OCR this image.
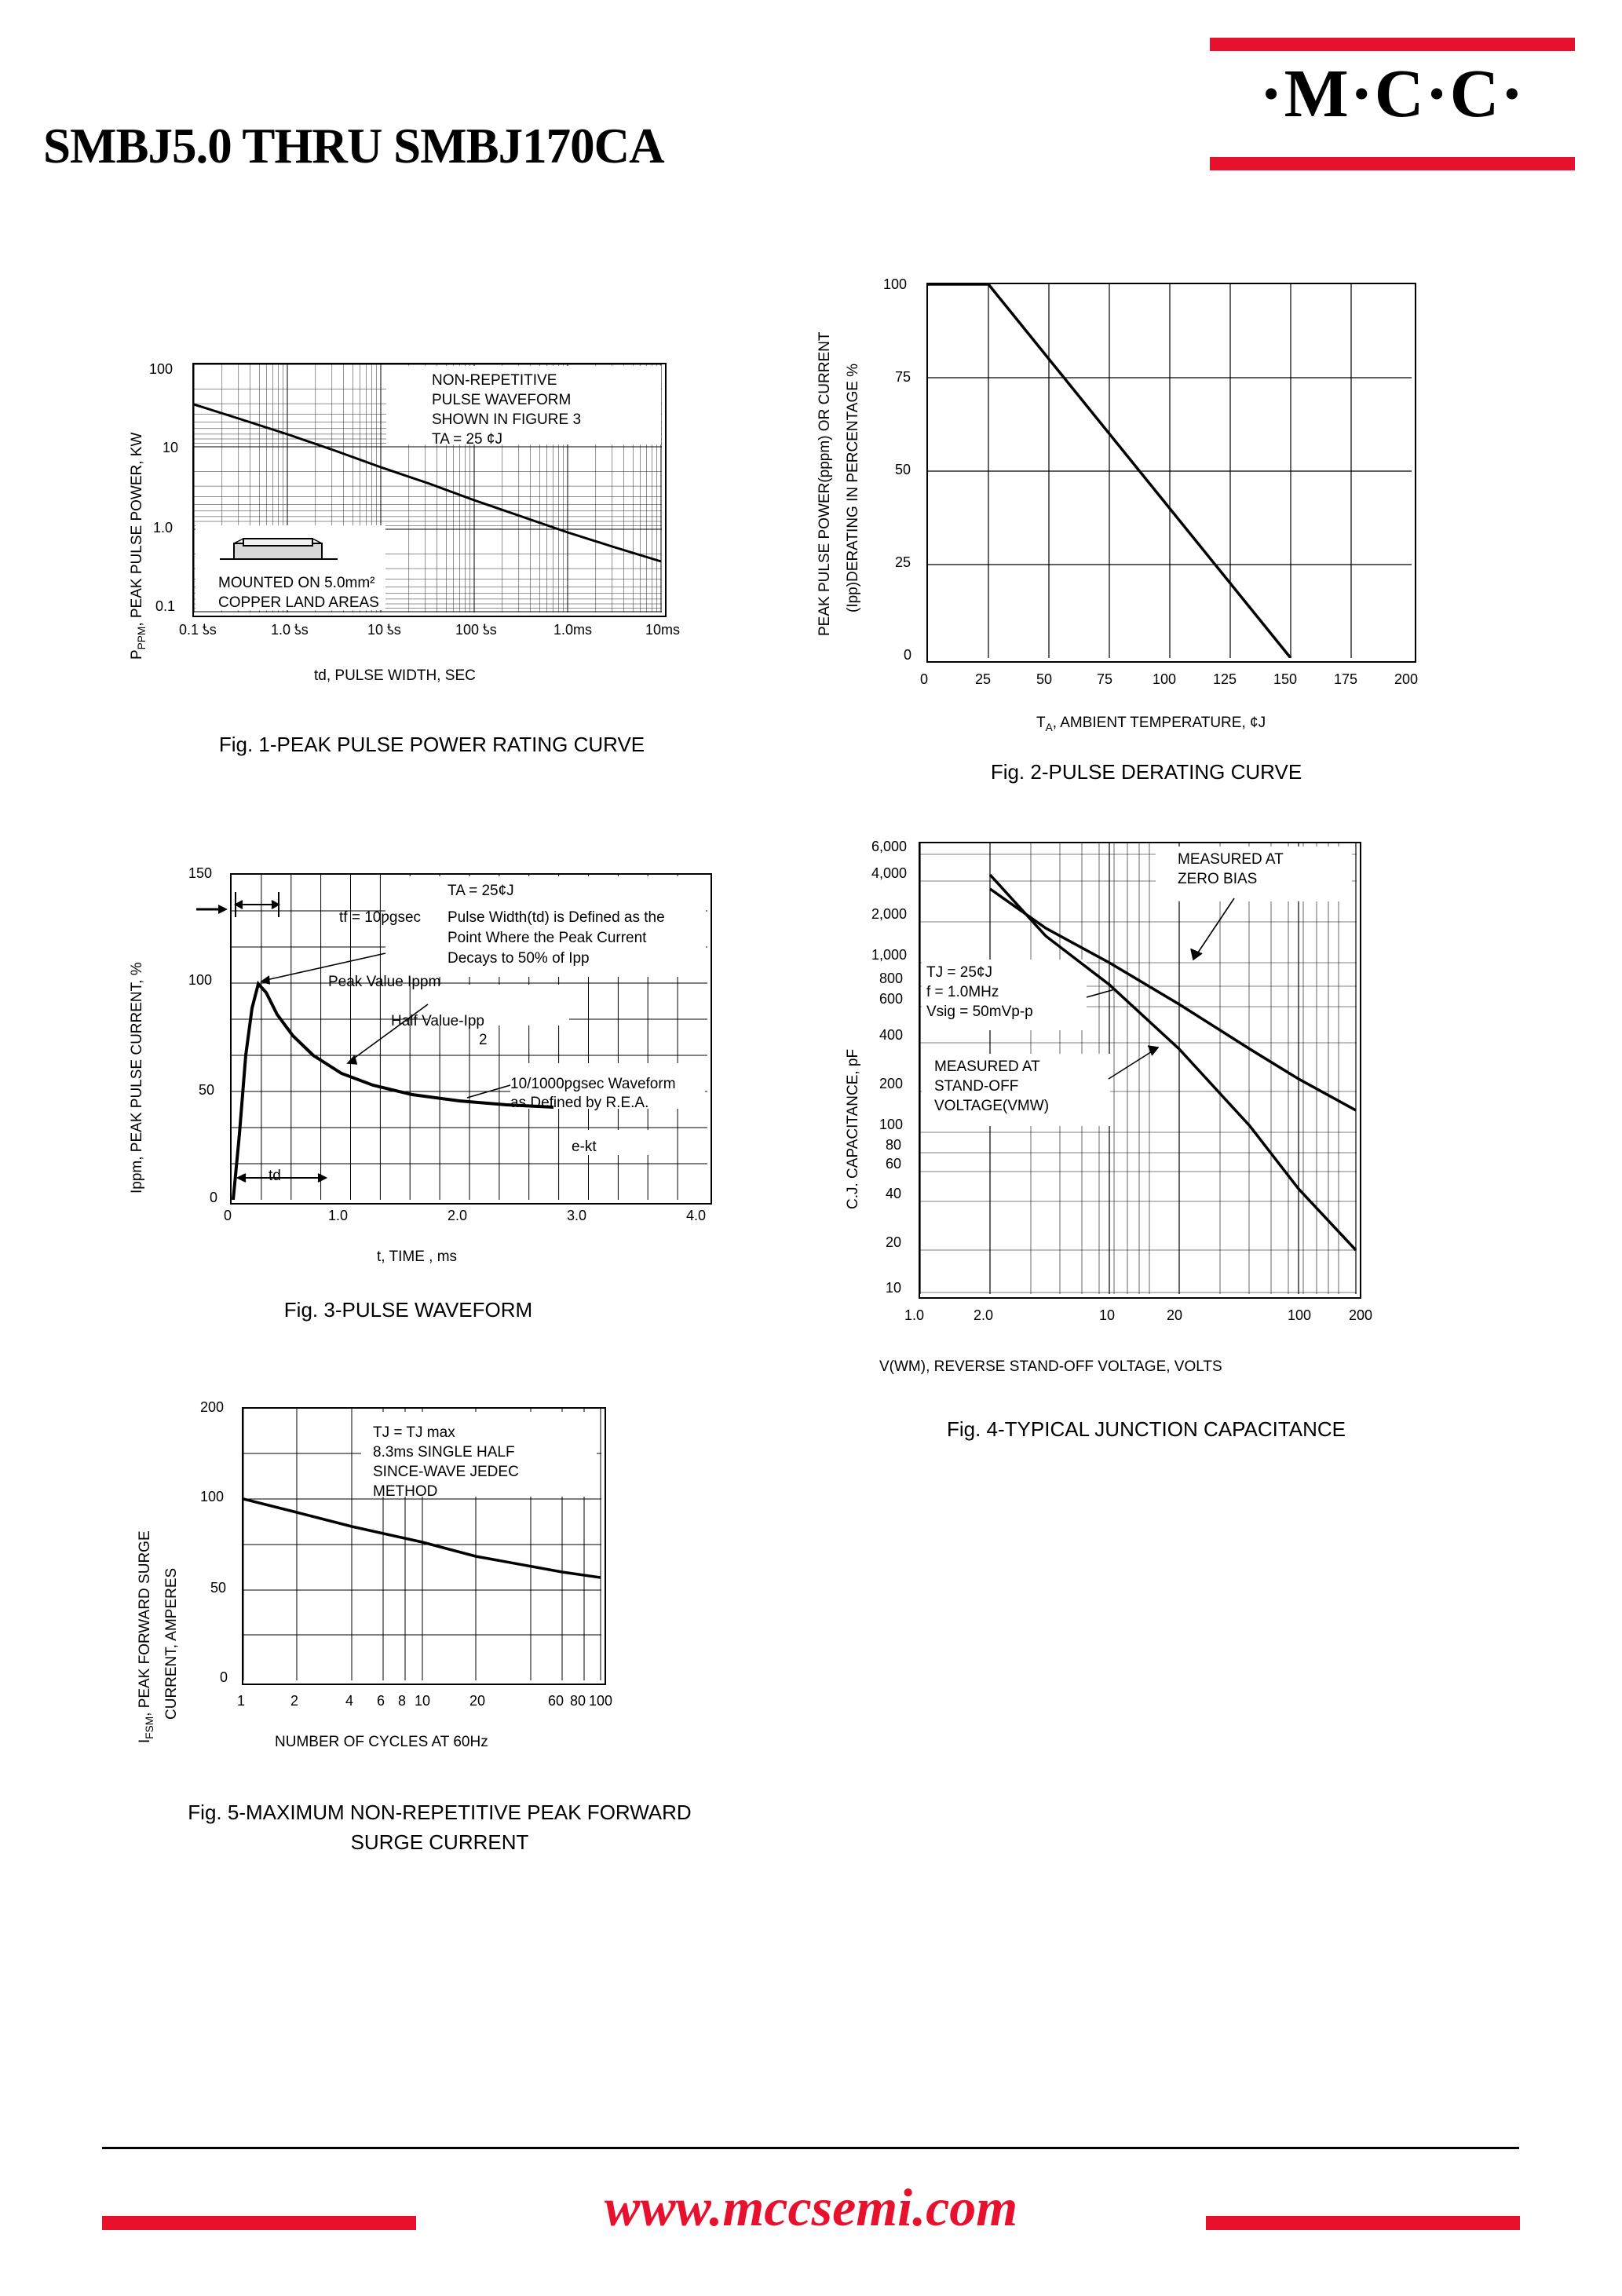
SMBJ5.0 THRU SMBJ170CA
·M·C·C·
$P_{PPM}$, PEAK PULSE POWER, KW
100
10
1.0
0.1
NON-REPETITIVE
PULSE WAVEFORM
SHOWN IN FIGURE 3
TA = 25 ¢J
MOUNTED ON 5.0mm²
COPPER LAND AREAS
0.1 ƾs	1.0 ƾs	10 ƾs	100 ƾs	1.0ms	10ms
td, PULSE WIDTH, SEC
Fig. 1-PEAK PULSE POWER RATING CURVE
PEAK PULSE POWER(pppm) OR CURRENT (Ipp)DERATING IN PERCENTAGE %
100
75
50
25
0
0	25	50	75	100	125	150	175	200
$T_A$, AMBIENT TEMPERATURE, ¢J
Fig. 2-PULSE DERATING CURVE
Ippm, PEAK PULSE CURRENT, %
150
100
50
0
TA = 25¢J
tf = 10ƿgsec Pulse Width(td) is Defined as the
Point Where the Peak Current
Decays to 50% of Ipp
Peak Value Ippm
Half Value-Ipp
2
10/1000ƿgsec Waveform
as Defined by R.E.A.
e-kt
td
0	1.0	2.0	3.0	4.0
t, TIME , ms
Fig. 3-PULSE WAVEFORM
C.J. CAPACITANCE, pF
6,000
4,000
2,000
1,000
800
600
400
200
100
80
60
40
20
10
MEASURED AT
ZERO BIAS
TJ = 25¢J
f = 1.0MHz
Vsig = 50mVp-p
MEASURED AT
STAND-OFF
VOLTAGE(VMW)
1.0	2.0	10	20	100	200
V(WM), REVERSE STAND-OFF VOLTAGE, VOLTS
Fig. 4-TYPICAL JUNCTION CAPACITANCE
$I_{FSM}$, PEAK FORWARD SURGE CURRENT, AMPERES
200
100
50
0
TJ = TJ max
8.3ms SINGLE HALF
SINCE-WAVE JEDEC
METHOD
1	2	4 6 8 10	20	60 80 100
NUMBER OF CYCLES AT 60Hz
Fig. 5-MAXIMUM NON-REPETITIVE PEAK FORWARD
SURGE CURRENT
www.mccsemi.com
